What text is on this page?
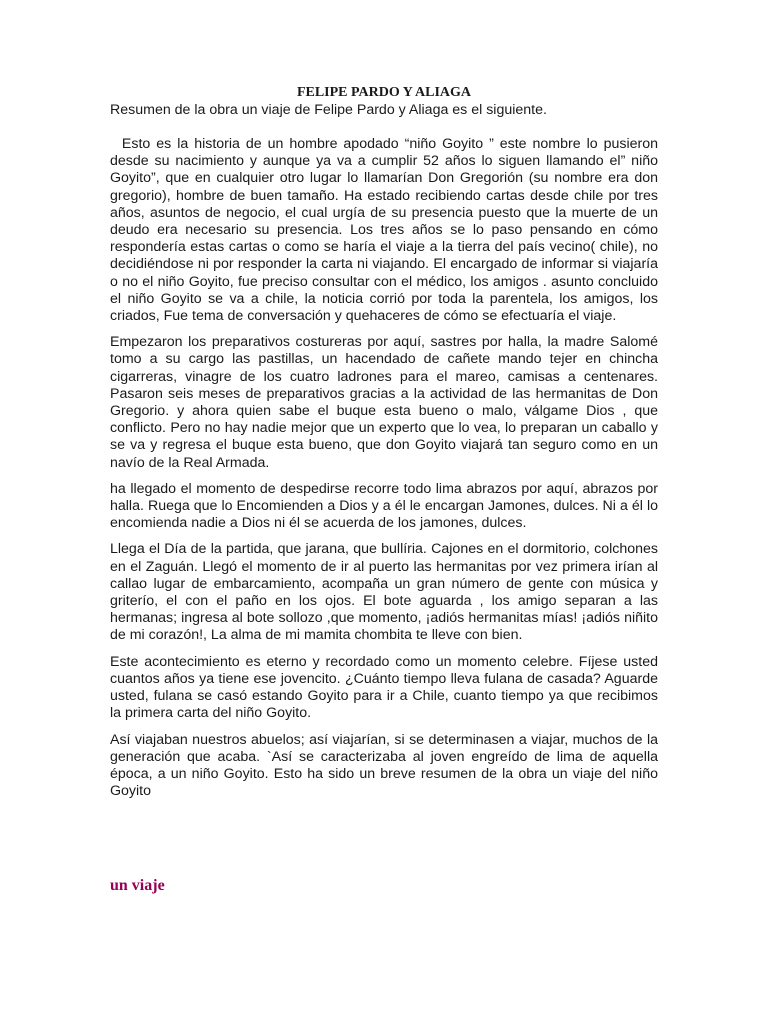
FELIPE PARDO Y ALIAGA

Resumen de la obra un viaje de Felipe Pardo y Aliaga es el siguiente.

Esto es la historia de un hombre apodado “niño Goyito ” este nombre lo pusieron desde su nacimiento y aunque ya va a cumplir 52 años lo siguen llamando el” niño Goyito”, que en cualquier otro lugar lo llamarían Don Gregorión (su nombre era don gregorio), hombre de buen tamaño. Ha estado recibiendo cartas desde chile por tres años, asuntos de negocio, el cual urgía de su presencia puesto que la muerte de un deudo era necesario su presencia. Los tres años se lo paso pensando en cómo respondería estas cartas o como se haría el viaje a la tierra del país vecino( chile), no decidiéndose ni por responder la carta ni viajando. El encargado de informar si viajaría o no el niño Goyito, fue preciso consultar con el médico, los amigos . asunto concluido el niño Goyito se va a chile, la noticia corrió por toda la parentela, los amigos, los criados, Fue tema de conversación y quehaceres de cómo se efectuaría el viaje.

Empezaron los preparativos costureras por aquí, sastres por halla, la madre Salomé tomo a su cargo las pastillas, un hacendado de cañete mando tejer en chincha cigarreras, vinagre de los cuatro ladrones para el mareo, camisas a centenares. Pasaron seis meses de preparativos gracias a la actividad de las hermanitas de Don Gregorio. y ahora quien sabe el buque esta bueno o malo, válgame Dios , que conflicto. Pero no hay nadie mejor que un experto que lo vea, lo preparan un caballo y se va y regresa el buque esta bueno, que don Goyito viajará tan seguro como en un navío de la Real Armada.

ha llegado el momento de despedirse recorre todo lima abrazos por aquí, abrazos por halla. Ruega que lo Encomienden a Dios y a él le encargan Jamones, dulces. Ni a él lo encomienda nadie a Dios ni él se acuerda de los jamones, dulces.

Llega el Día de la partida, que jarana, que bullíria. Cajones en el dormitorio, colchones en el Zaguán. Llegó el momento de ir al puerto las hermanitas por vez primera irían al callao lugar de embarcamiento, acompaña un gran número de gente con música y griterío, el con el paño en los ojos. El bote aguarda , los amigo separan a las hermanas; ingresa al bote sollozo ,que momento, ¡adiós hermanitas mías! ¡adiós niñito de mi corazón!, La alma de mi mamita chombita te lleve con bien.

Este acontecimiento es eterno y recordado como un momento celebre. Fíjese usted cuantos años ya tiene ese jovencito. ¿Cuánto tiempo lleva fulana de casada? Aguarde usted, fulana se casó estando Goyito para ir a Chile, cuanto tiempo ya que recibimos la primera carta del niño Goyito.

Así viajaban nuestros abuelos; así viajarían, si se determinasen a viajar, muchos de la generación que acaba. `Así se caracterizaba al joven engreído de lima de aquella época, a un niño Goyito. Esto ha sido un breve resumen de la obra un viaje del niño Goyito

un viaje
